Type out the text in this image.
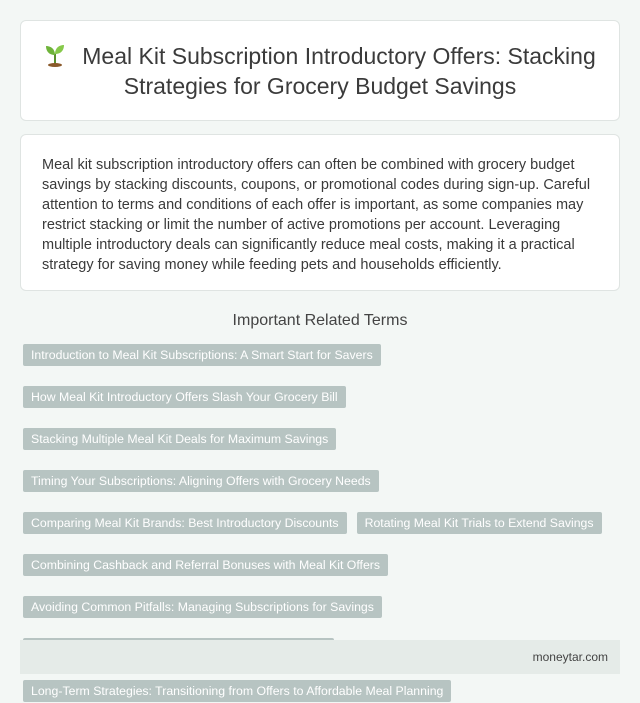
Meal Kit Subscription Introductory Offers: Stacking Strategies for Grocery Budget Savings

Meal kit subscription introductory offers can often be combined with grocery budget savings by stacking discounts, coupons, or promotional codes during sign-up. Careful attention to terms and conditions of each offer is important, as some companies may restrict stacking or limit the number of active promotions per account. Leveraging multiple introductory deals can significantly reduce meal costs, making it a practical strategy for saving money while feeding pets and households efficiently.

Important Related Terms
Introduction to Meal Kit Subscriptions: A Smart Start for Savers
How Meal Kit Introductory Offers Slash Your Grocery Bill
Stacking Multiple Meal Kit Deals for Maximum Savings
Timing Your Subscriptions: Aligning Offers with Grocery Needs
Comparing Meal Kit Brands: Best Introductory Discounts	Rotating Meal Kit Trials to Extend Savings
Combining Cashback and Referral Bonuses with Meal Kit Offers
Avoiding Common Pitfalls: Managing Subscriptions for Savings
Long-Term Strategies: Transitioning from Offers to Affordable Meal Planning
moneytar.com
